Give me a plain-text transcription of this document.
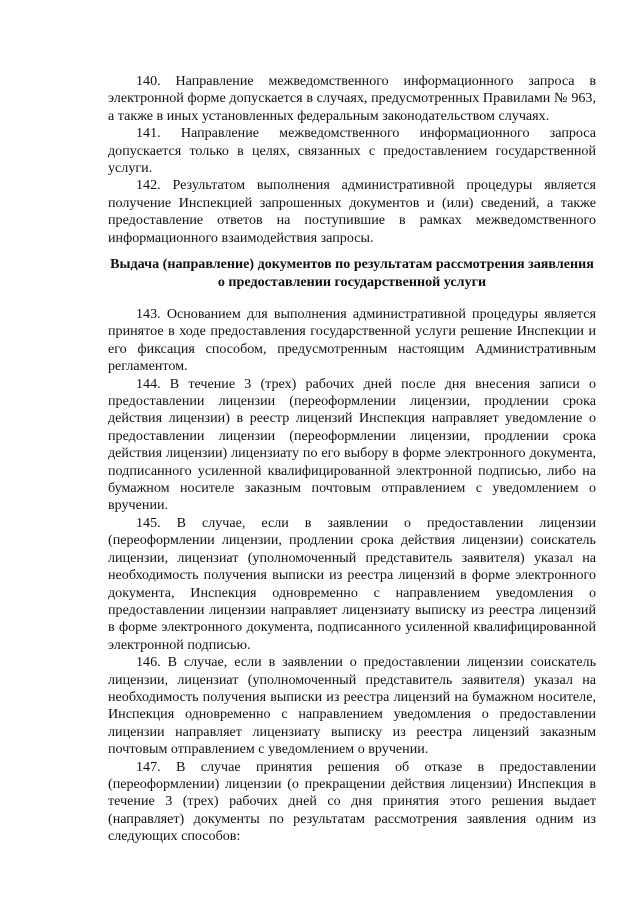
140. Направление межведомственного информационного запроса в электронной форме допускается в случаях, предусмотренных Правилами № 963, а также в иных установленных федеральным законодательством случаях.

141. Направление межведомственного информационного запроса допускается только в целях, связанных с предоставлением государственной услуги.

142. Результатом выполнения административной процедуры является получение Инспекцией запрошенных документов и (или) сведений, а также предоставление ответов на поступившие в рамках межведомственного информационного взаимодействия запросы.

Выдача (направление) документов по результатам рассмотрения заявления о предоставлении государственной услуги

143. Основанием для выполнения административной процедуры является принятое в ходе предоставления государственной услуги решение Инспекции и его фиксация способом, предусмотренным настоящим Административным регламентом.

144. В течение 3 (трех) рабочих дней после дня внесения записи о предоставлении лицензии (переоформлении лицензии, продлении срока действия лицензии) в реестр лицензий Инспекция направляет уведомление о предоставлении лицензии (переоформлении лицензии, продлении срока действия лицензии) лицензиату по его выбору в форме электронного документа, подписанного усиленной квалифицированной электронной подписью, либо на бумажном носителе заказным почтовым отправлением с уведомлением о вручении.

145. В случае, если в заявлении о предоставлении лицензии (переоформлении лицензии, продлении срока действия лицензии) соискатель лицензии, лицензиат (уполномоченный представитель заявителя) указал на необходимость получения выписки из реестра лицензий в форме электронного документа, Инспекция одновременно с направлением уведомления о предоставлении лицензии направляет лицензиату выписку из реестра лицензий в форме электронного документа, подписанного усиленной квалифицированной электронной подписью.

146. В случае, если в заявлении о предоставлении лицензии соискатель лицензии, лицензиат (уполномоченный представитель заявителя) указал на необходимость получения выписки из реестра лицензий на бумажном носителе, Инспекция одновременно с направлением уведомления о предоставлении лицензии направляет лицензиату выписку из реестра лицензий заказным почтовым отправлением с уведомлением о вручении.

147. В случае принятия решения об отказе в предоставлении (переоформлении) лицензии (о прекращении действия лицензии) Инспекция в течение 3 (трех) рабочих дней со дня принятия этого решения выдает (направляет) документы по результатам рассмотрения заявления одним из следующих способов:
